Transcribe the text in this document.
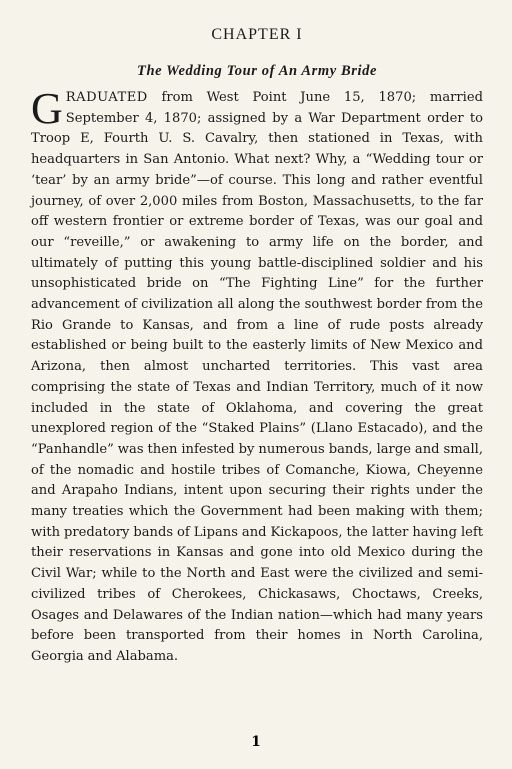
CHAPTER I
The Wedding Tour of An Army Bride

GRADUATED from West Point June 15, 1870; married September 4, 1870; assigned by a War Department order to Troop E, Fourth U. S. Cavalry, then stationed in Texas, with headquarters in San Antonio. What next? Why, a “Wedding tour or ‘tear’ by an army bride”—of course. This long and rather eventful journey, of over 2,000 miles from Boston, Massachusetts, to the far off western frontier or extreme border of Texas, was our goal and our “reveille,” or awakening to army life on the border, and ultimately of putting this young battle-disciplined soldier and his unsophisticated bride on “The Fighting Line” for the further advancement of civilization all along the southwest border from the Rio Grande to Kansas, and from a line of rude posts already established or being built to the easterly limits of New Mexico and Arizona, then almost uncharted territories. This vast area comprising the state of Texas and Indian Territory, much of it now included in the state of Oklahoma, and covering the great unexplored region of the “Staked Plains” (Llano Estacado), and the “Panhandle” was then infested by numerous bands, large and small, of the nomadic and hostile tribes of Comanche, Kiowa, Cheyenne and Arapaho Indians, intent upon securing their rights under the many treaties which the Government had been making with them; with predatory bands of Lipans and Kickapoos, the latter having left their reservations in Kansas and gone into old Mexico during the Civil War; while to the North and East were the civilized and semi-civilized tribes of Cherokees, Chickasaws, Choctaws, Creeks, Osages and Delawares of the Indian nation—which had many years before been transported from their homes in North Carolina, Georgia and Alabama.

1
